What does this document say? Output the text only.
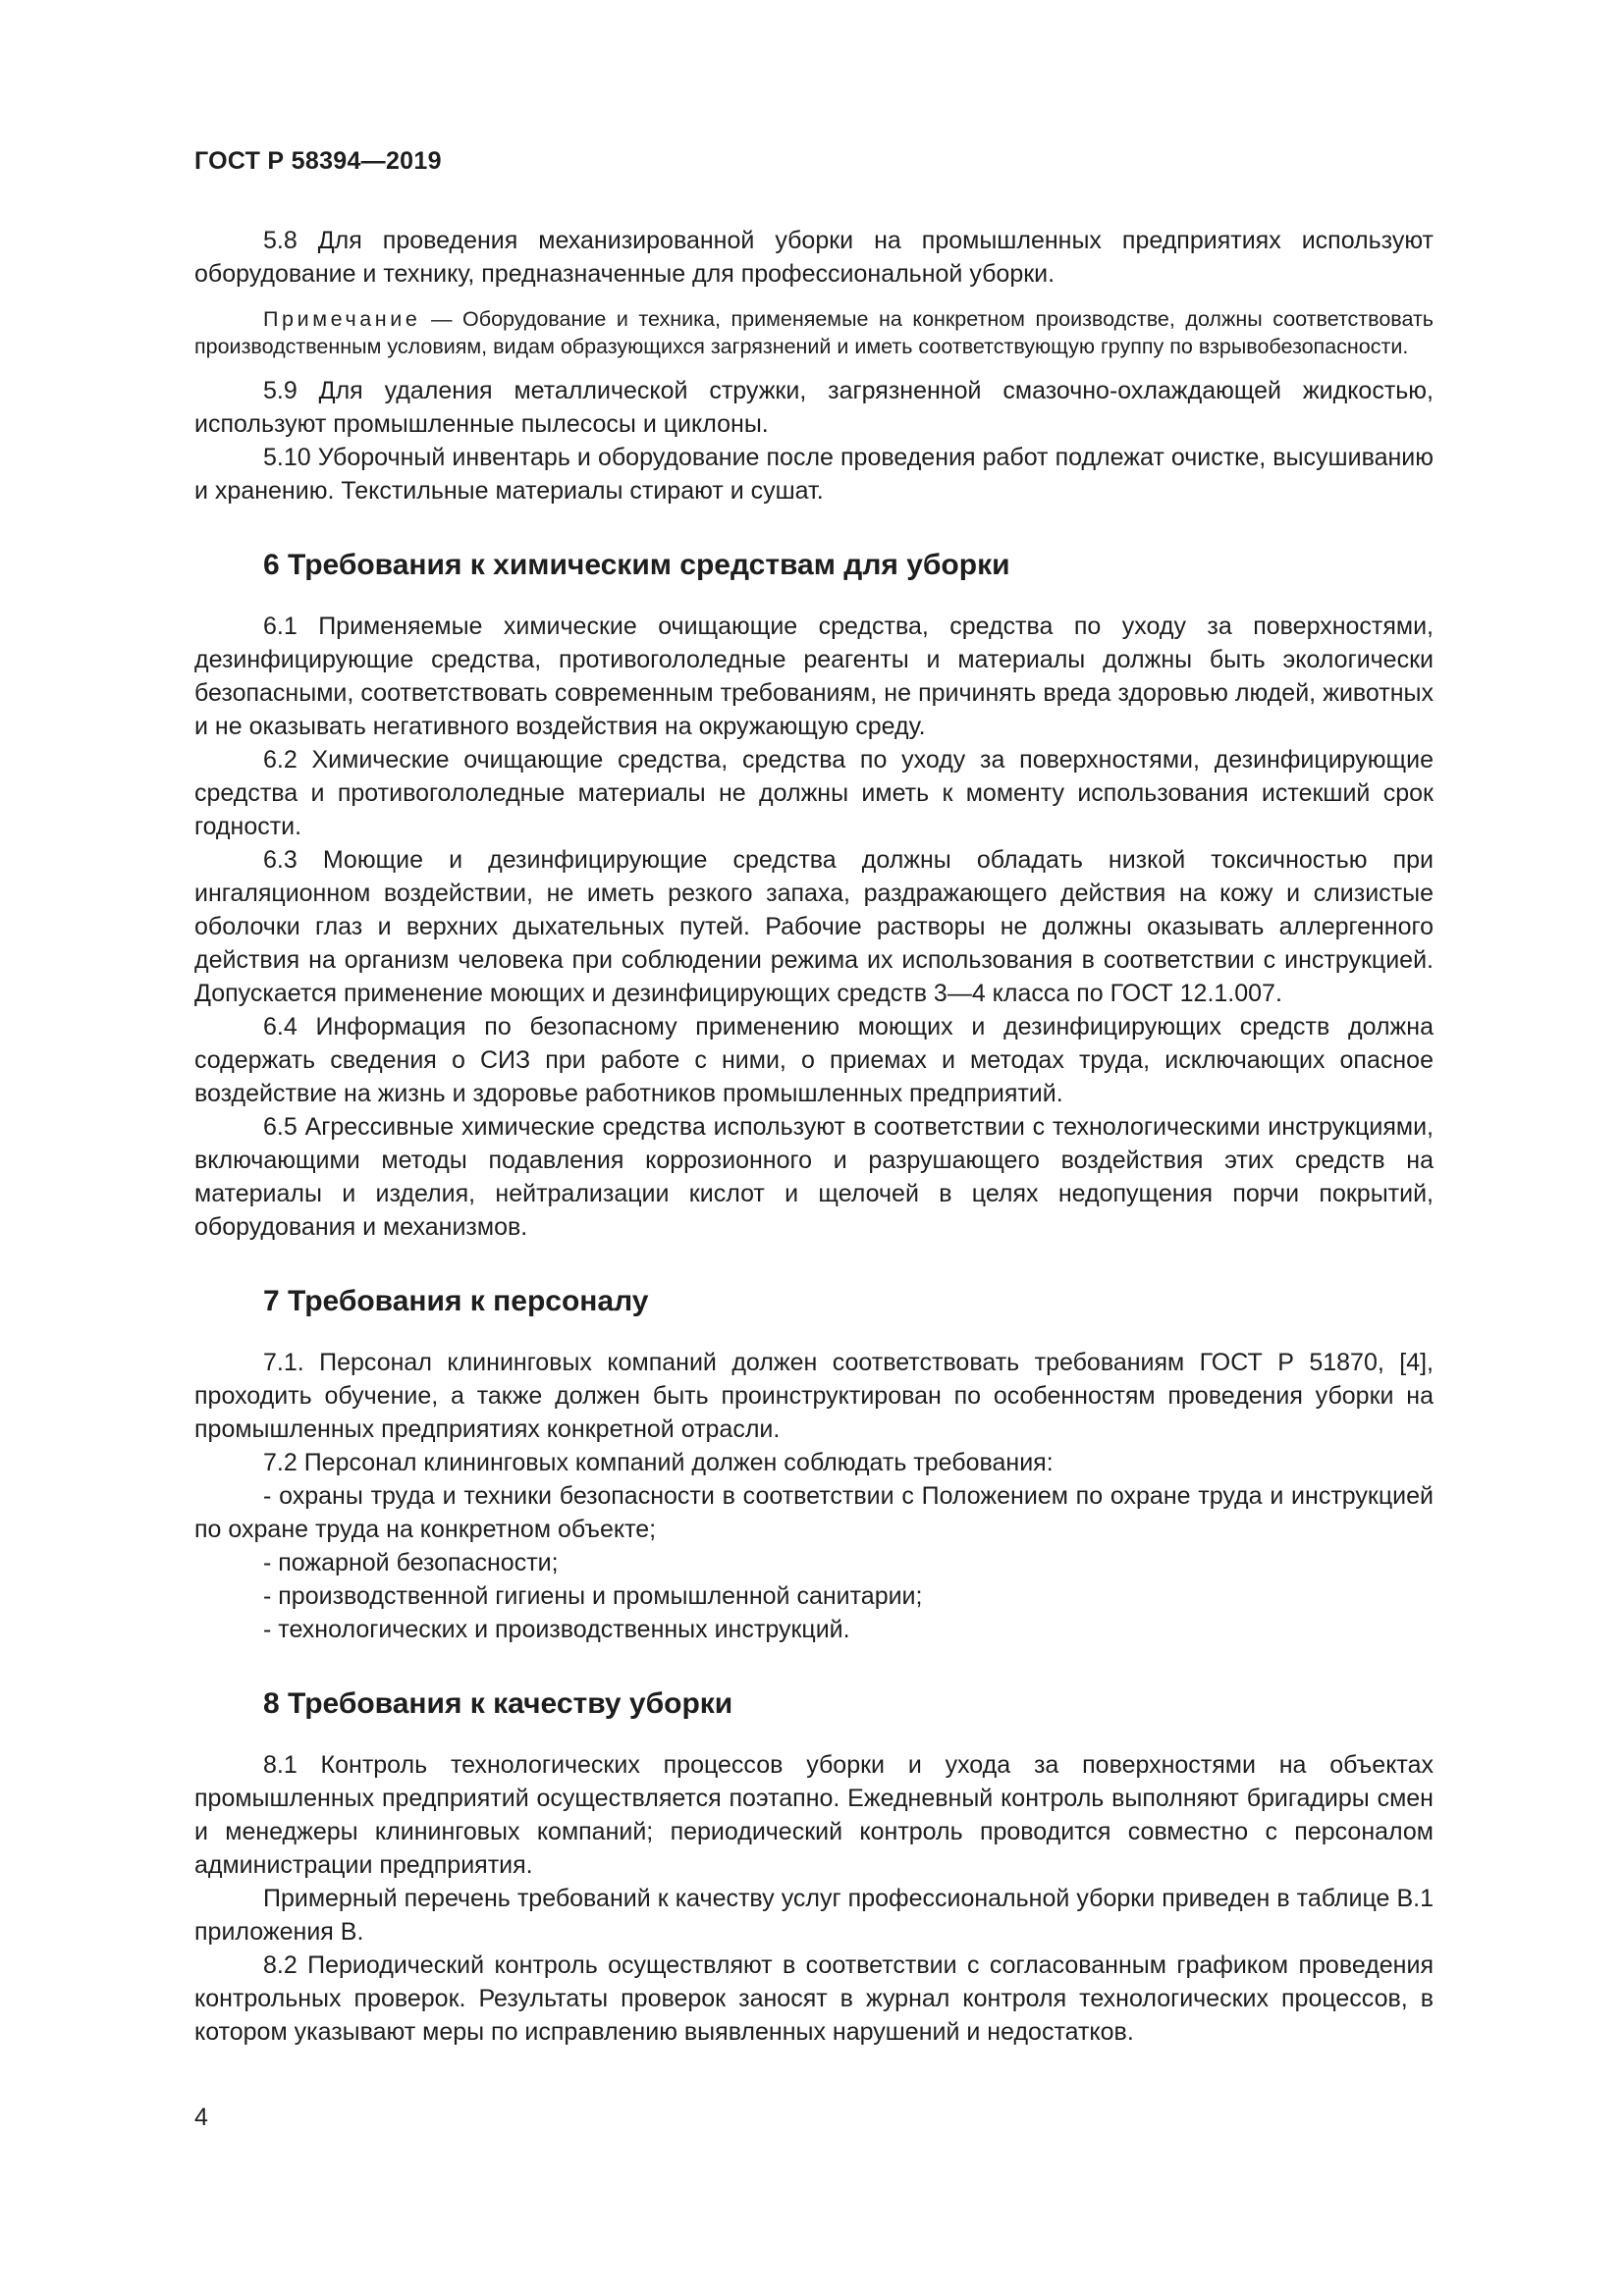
ГОСТ Р 58394—2019

5.8 Для проведения механизированной уборки на промышленных предприятиях используют оборудование и технику, предназначенные для профессиональной уборки.

Примечание — Оборудование и техника, применяемые на конкретном производстве, должны соответствовать производственным условиям, видам образующихся загрязнений и иметь соответствующую группу по взрывобезопасности.

5.9 Для удаления металлической стружки, загрязненной смазочно-охлаждающей жидкостью, используют промышленные пылесосы и циклоны.

5.10 Уборочный инвентарь и оборудование после проведения работ подлежат очистке, высушиванию и хранению. Текстильные материалы стирают и сушат.

6 Требования к химическим средствам для уборки

6.1 Применяемые химические очищающие средства, средства по уходу за поверхностями, дезинфицирующие средства, противогололедные реагенты и материалы должны быть экологически безопасными, соответствовать современным требованиям, не причинять вреда здоровью людей, животных и не оказывать негативного воздействия на окружающую среду.

6.2 Химические очищающие средства, средства по уходу за поверхностями, дезинфицирующие средства и противогололедные материалы не должны иметь к моменту использования истекший срок годности.

6.3 Моющие и дезинфицирующие средства должны обладать низкой токсичностью при ингаляционном воздействии, не иметь резкого запаха, раздражающего действия на кожу и слизистые оболочки глаз и верхних дыхательных путей. Рабочие растворы не должны оказывать аллергенного действия на организм человека при соблюдении режима их использования в соответствии с инструкцией. Допускается применение моющих и дезинфицирующих средств 3—4 класса по ГОСТ 12.1.007.

6.4 Информация по безопасному применению моющих и дезинфицирующих средств должна содержать сведения о СИЗ при работе с ними, о приемах и методах труда, исключающих опасное воздействие на жизнь и здоровье работников промышленных предприятий.

6.5 Агрессивные химические средства используют в соответствии с технологическими инструкциями, включающими методы подавления коррозионного и разрушающего воздействия этих средств на материалы и изделия, нейтрализации кислот и щелочей в целях недопущения порчи покрытий, оборудования и механизмов.

7 Требования к персоналу

7.1. Персонал клининговых компаний должен соответствовать требованиям ГОСТ Р 51870, [4], проходить обучение, а также должен быть проинструктирован по особенностям проведения уборки на промышленных предприятиях конкретной отрасли.

7.2 Персонал клининговых компаний должен соблюдать требования:

- охраны труда и техники безопасности в соответствии с Положением по охране труда и инструкцией по охране труда на конкретном объекте;

- пожарной безопасности;

- производственной гигиены и промышленной санитарии;

- технологических и производственных инструкций.

8 Требования к качеству уборки

8.1 Контроль технологических процессов уборки и ухода за поверхностями на объектах промышленных предприятий осуществляется поэтапно. Ежедневный контроль выполняют бригадиры смен и менеджеры клининговых компаний; периодический контроль проводится совместно с персоналом администрации предприятия.

Примерный перечень требований к качеству услуг профессиональной уборки приведен в таблице В.1 приложения В.

8.2 Периодический контроль осуществляют в соответствии с согласованным графиком проведения контрольных проверок. Результаты проверок заносят в журнал контроля технологических процессов, в котором указывают меры по исправлению выявленных нарушений и недостатков.

4
